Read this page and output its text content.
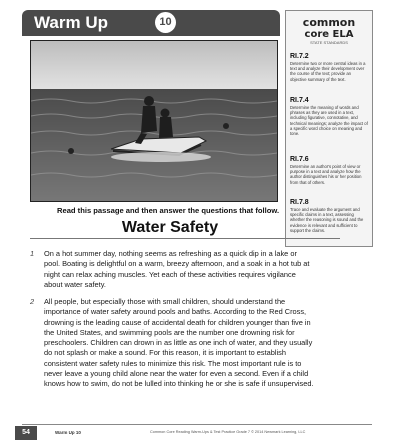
Warm Up	10	common
core ELA
STATE STANDARDS
RI.7.2
Determine two or more central ideas in a text and analyze their development over the course of the text; provide an objective summary of the text.
RI.7.4
Determine the meaning of words and phrases as they are used in a text, including figurative, connotative, and technical meanings; analyze the impact of a specific word choice on meaning and tone.
RI.7.6
Determine an author's point of view or purpose in a text and analyze how the author distinguishes his or her position from that of others.
RI.7.8
Trace and evaluate the argument and specific claims in a text, assessing whether the reasoning is sound and the evidence is relevant and sufficient to support the claims.
Read this passage and then answer the questions that follow.
Water Safety
1 On a hot summer day, nothing seems as refreshing as a quick dip in a lake or pool. Boating is delightful on a warm, breezy afternoon, and a soak in a hot tub at night can relax aching muscles. Yet each of these activities requires vigilance about water safety.

2 All people, but especially those with small children, should understand the importance of water safety around pools and baths. According to the Red Cross, drowning is the leading cause of accidental death for children younger than five in the United States, and swimming pools are the number one drowning risk for preschoolers. Children can drown in as little as one inch of water, and they usually do not splash or make a sound. For this reason, it is important to establish consistent water safety rules to minimize this risk. The most important rule is to never leave a young child alone near the water for even a second. Even if a child knows how to swim, do not be lulled into thinking he or she is safe if unsupervised.

54	Warm Up 10	Common Core Reading Warm-Ups & Test Practice Grade 7 © 2014 Newmark Learning, LLC
